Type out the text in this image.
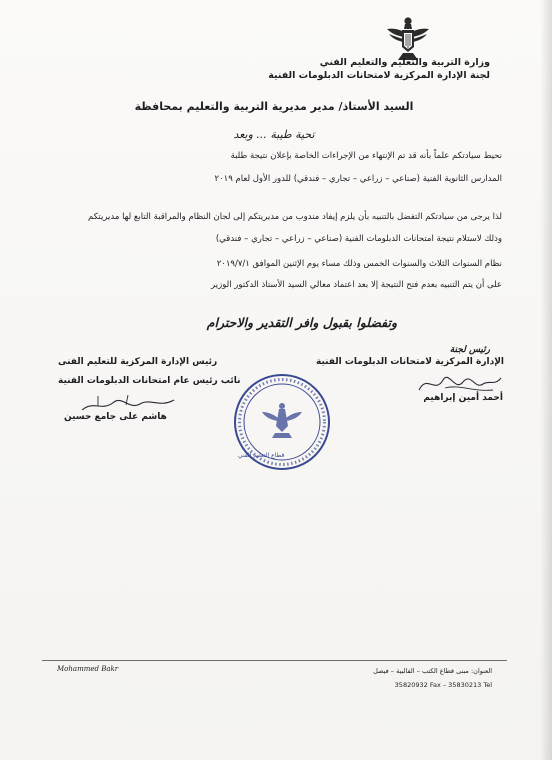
وزارة التربية والتعليم والتعليم الفني
لجنة الإدارة المركزية لامتحانات الدبلومات الفنية
السيد الأستاذ/ مدير مديرية التربية والتعليم بمحافظة
تحية طيبة ... وبعد
نحيط سيادتكم علماً بأنه قد تم الإنتهاء من الإجراءات الخاصة بإعلان نتيجة طلبة
المدارس الثانوية الفنية (صناعي – زراعي – تجاري – فندقي) للدور الأول لعام ٢٠١٩
لذا يرجى من سيادتكم التفضل بالتنبيه بأن يلزم إيفاد مندوب من مديريتكم إلى لجان النظام والمراقبة التابع لها مديريتكم
وذلك لاستلام نتيجة امتحانات الدبلومات الفنية (صناعي – زراعي – تجاري – فندقي)
نظام السنوات الثلاث والسنوات الخمس وذلك مساء يوم الإثنين الموافق ٢٠١٩/٧/١
على أن يتم التنبيه بعدم فتح النتيجة إلا بعد اعتماد معالي السيد الأستاذ الدكتور الوزير
وتفضلوا بقبول وافر التقدير والاحترام
رئيس لجنة
الإدارة المركزية لامتحانات الدبلومات الفنية
أحمد أمين إبراهيم
رئيس الإدارة المركزية للتعليم الفنى
نائب رئيس عام امتحانات الدبلومات الفنية
هاشم على جامع حسين
قطاع التعليم الفني
Mohammed Bakr	العنوان: مبنى قطاع الكتب – الفالبية – فيصل
35820932 Fax – 35830213 Tel
